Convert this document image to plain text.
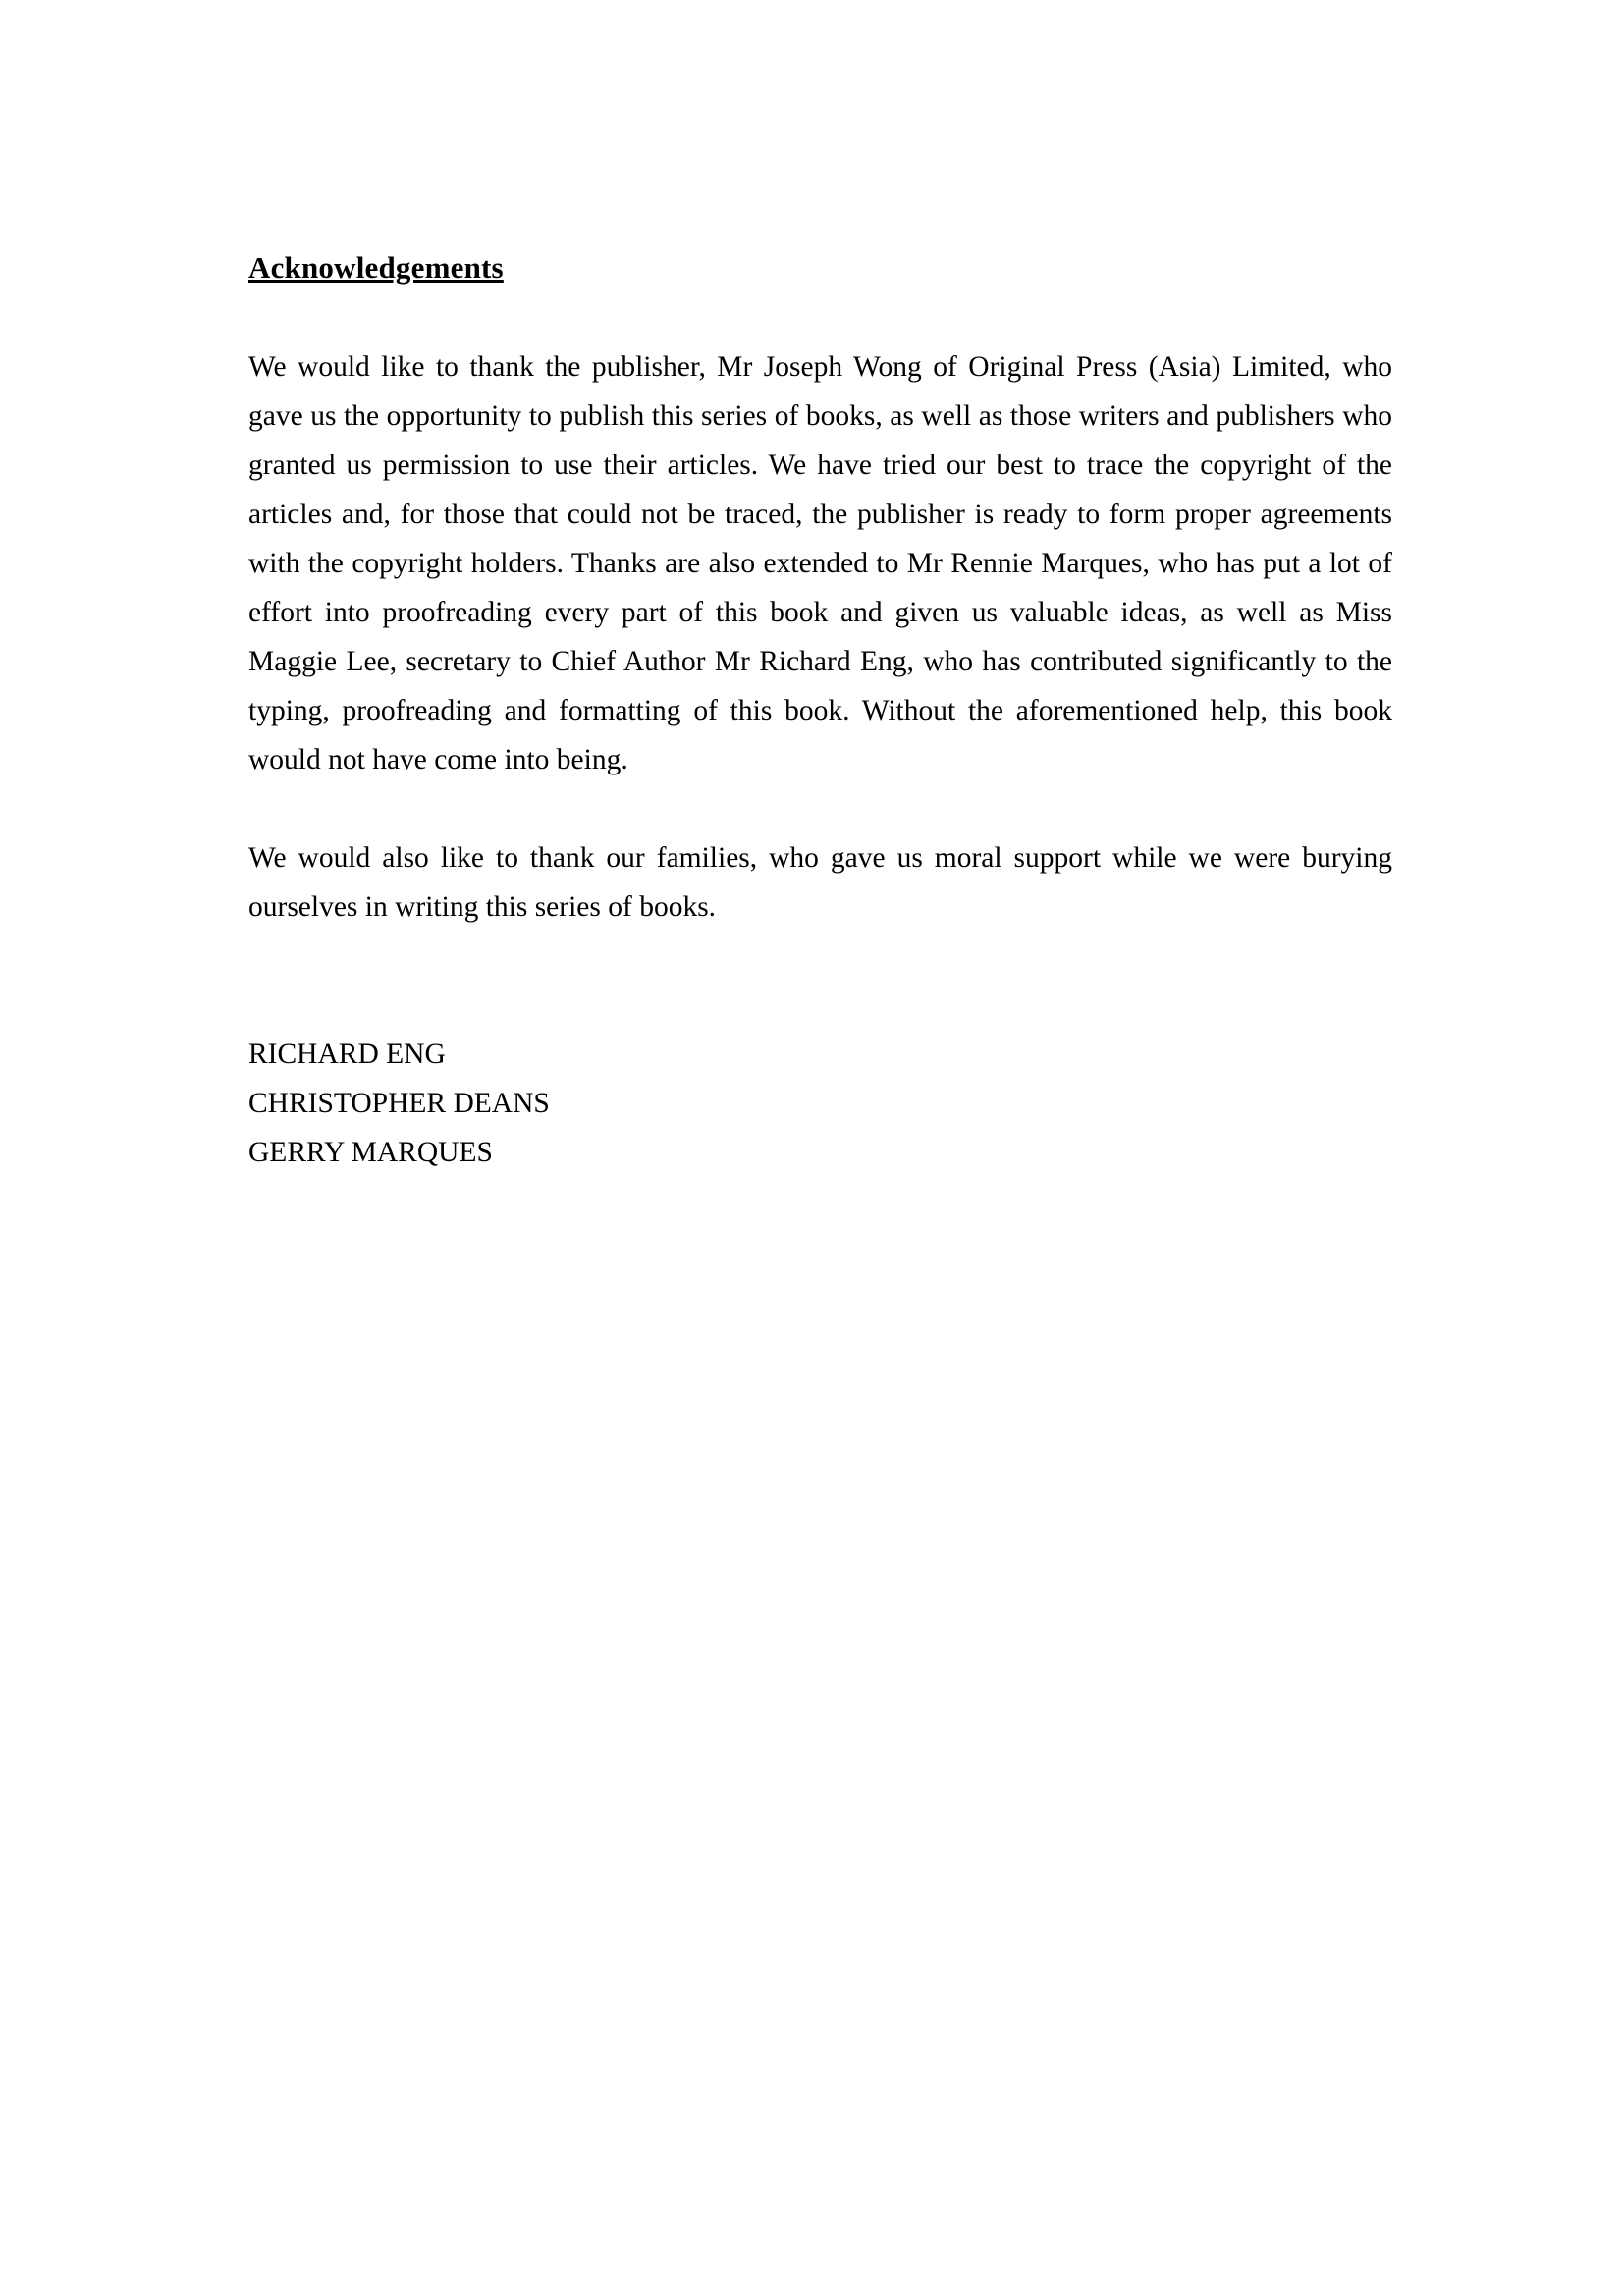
Acknowledgements

We would like to thank the publisher, Mr Joseph Wong of Original Press (Asia) Limited, who gave us the opportunity to publish this series of books, as well as those writers and publishers who granted us permission to use their articles. We have tried our best to trace the copyright of the articles and, for those that could not be traced, the publisher is ready to form proper agreements with the copyright holders. Thanks are also extended to Mr Rennie Marques, who has put a lot of effort into proofreading every part of this book and given us valuable ideas, as well as Miss Maggie Lee, secretary to Chief Author Mr Richard Eng, who has contributed significantly to the typing, proofreading and formatting of this book. Without the aforementioned help, this book would not have come into being.

We would also like to thank our families, who gave us moral support while we were burying ourselves in writing this series of books.

RICHARD ENG
CHRISTOPHER DEANS
GERRY MARQUES
